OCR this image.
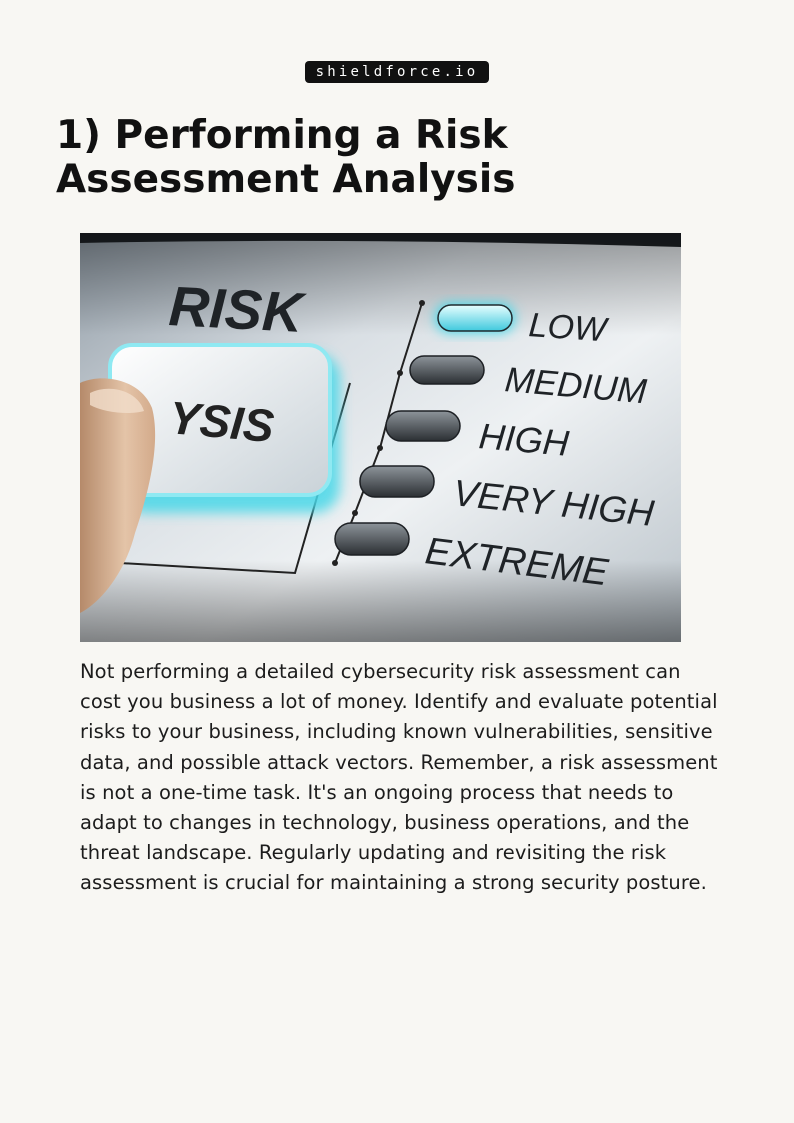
shieldforce.io
1) Performing a Risk
Assessment Analysis
RISK
YSIS
LOW
MEDIUM
HIGH
VERY HIGH
EXTREME

Not performing a detailed cybersecurity risk assessment can cost you business a lot of money. Identify and evaluate potential risks to your business, including known vulnerabilities, sensitive data, and possible attack vectors. Remember, a risk assessment is not a one-time task. It's an ongoing process that needs to adapt to changes in technology, business operations, and the threat landscape. Regularly updating and revisiting the risk assessment is crucial for maintaining a strong security posture.
